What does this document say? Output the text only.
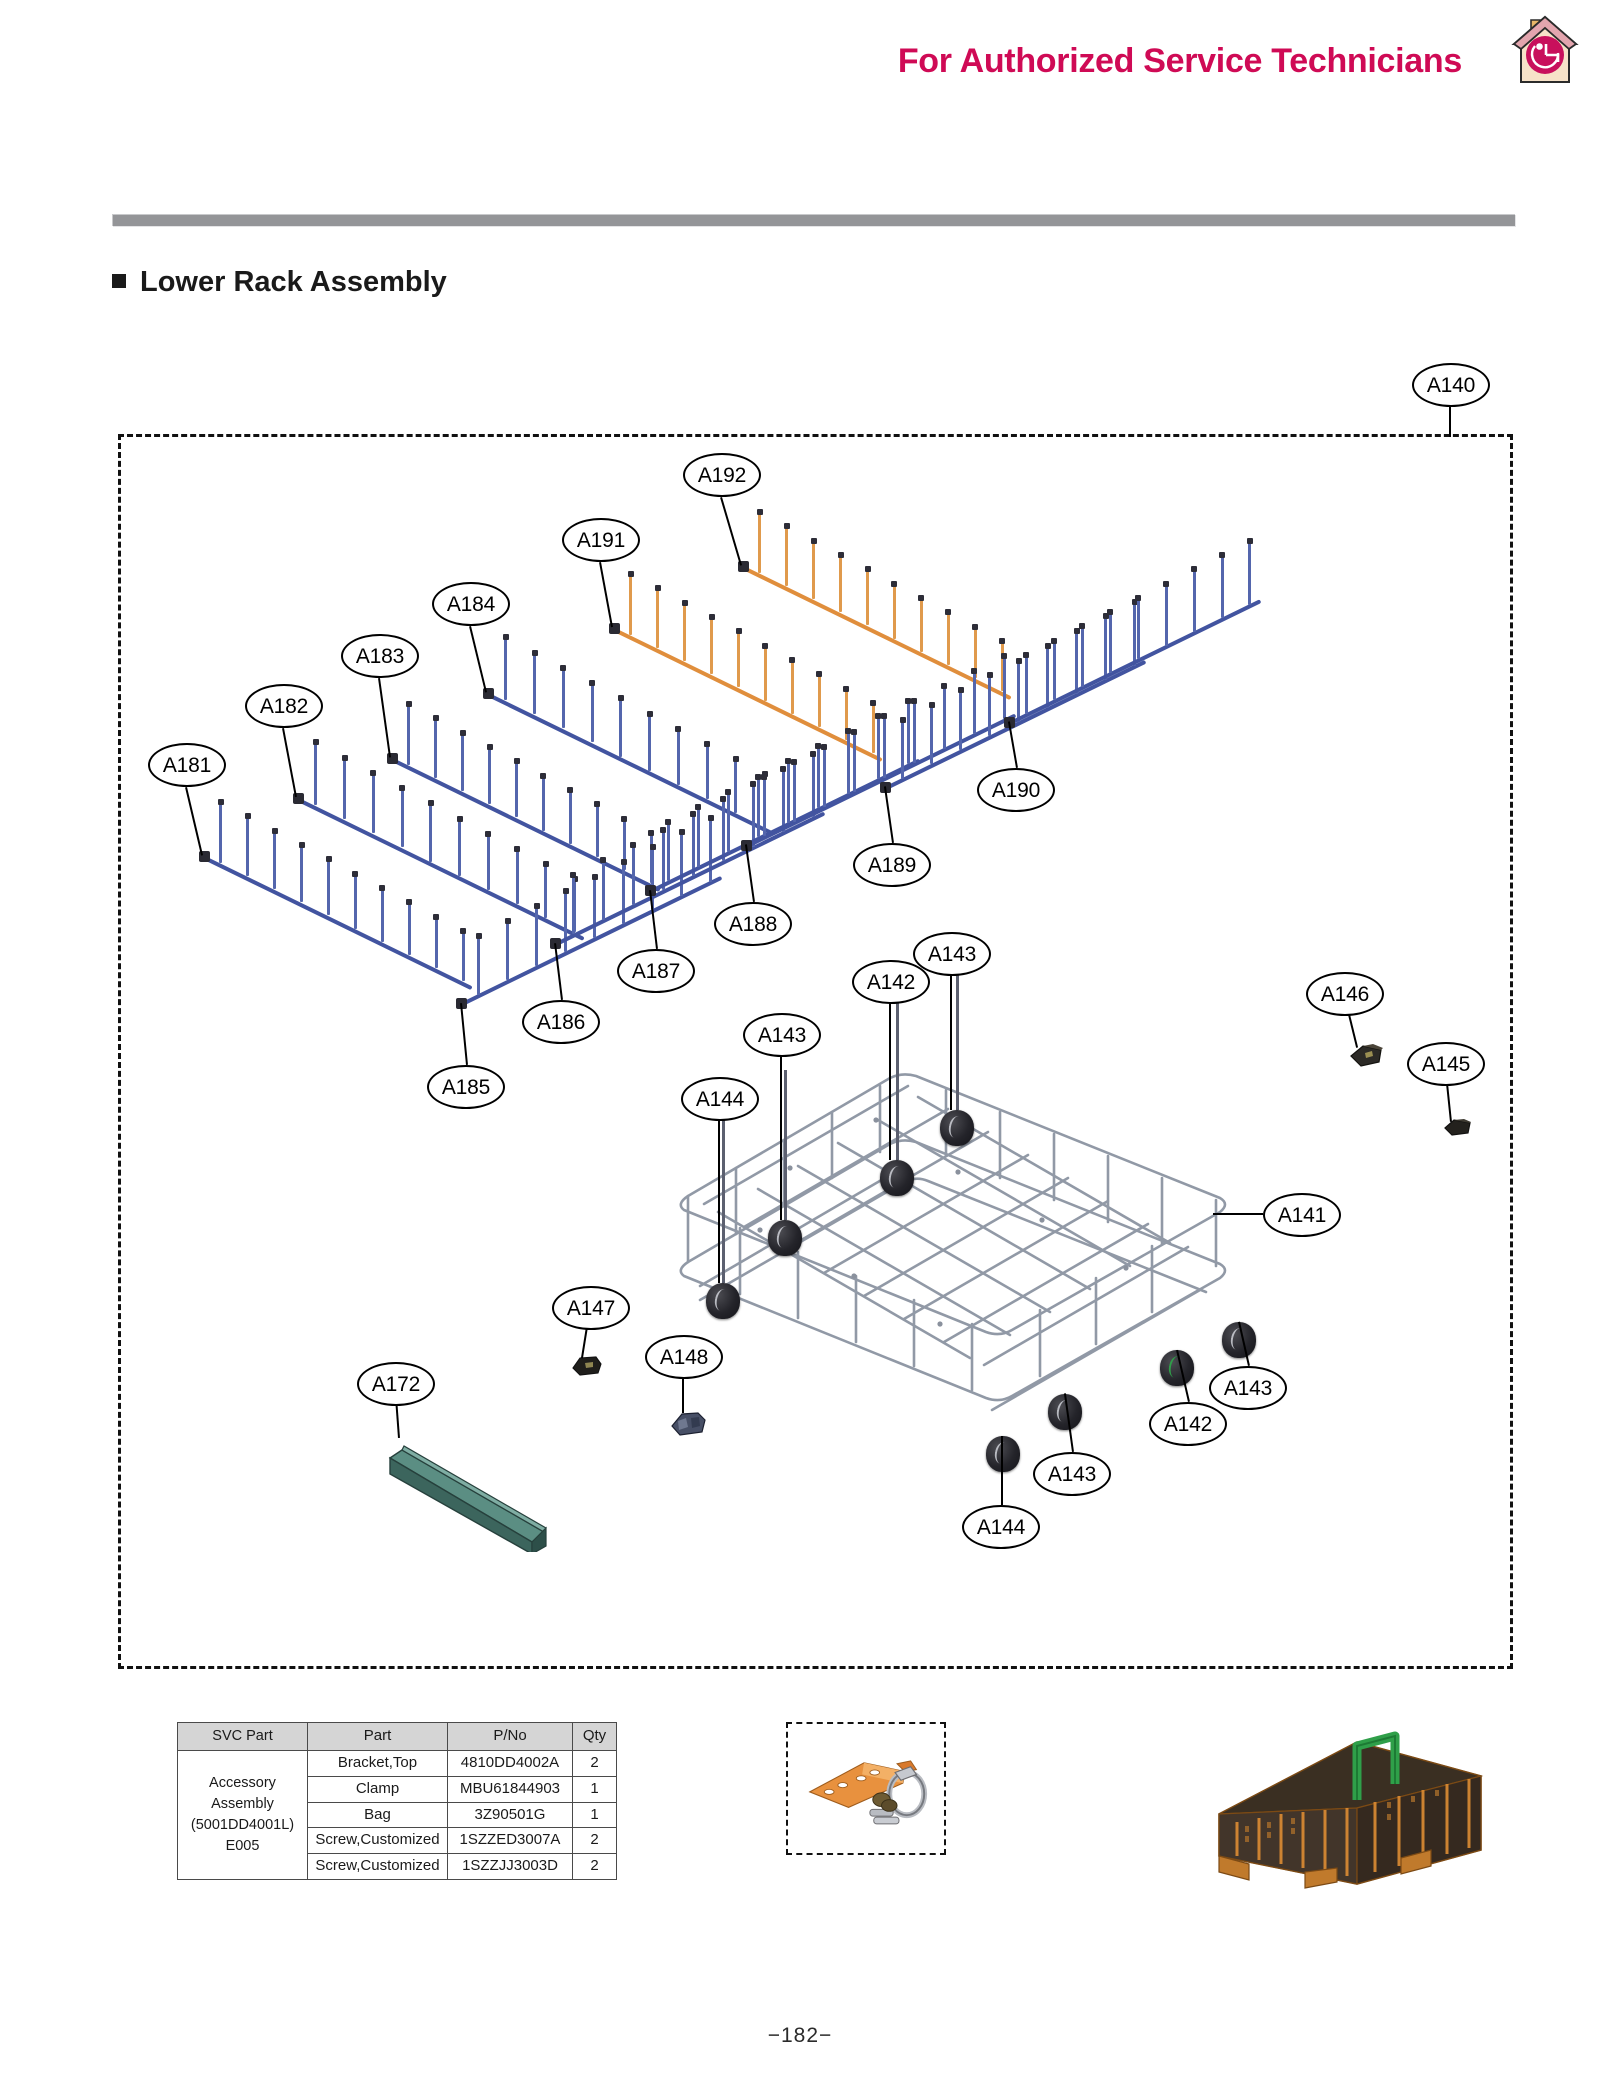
For Authorized Service Technicians
Lower Rack Assembly
SVC Part	Part	P/No	Qty

Accessory
Assembly
(5001DD4001L)
E005	Bracket,Top	4810DD4002A	2
	Clamp	MBU61844903	1
	Bag	3Z90501G	1
	Screw,Customized	1SZZED3007A	2
	Screw,Customized	1SZZJJ3003D	2
−182−
A140
A192
A191
A184
A183
A182
A181
A190
A189
A188
A187
A186
A185
A143
A142
A143
A144
A146
A145
A141
A147
A148
A172	A143
A142
A143
A144
